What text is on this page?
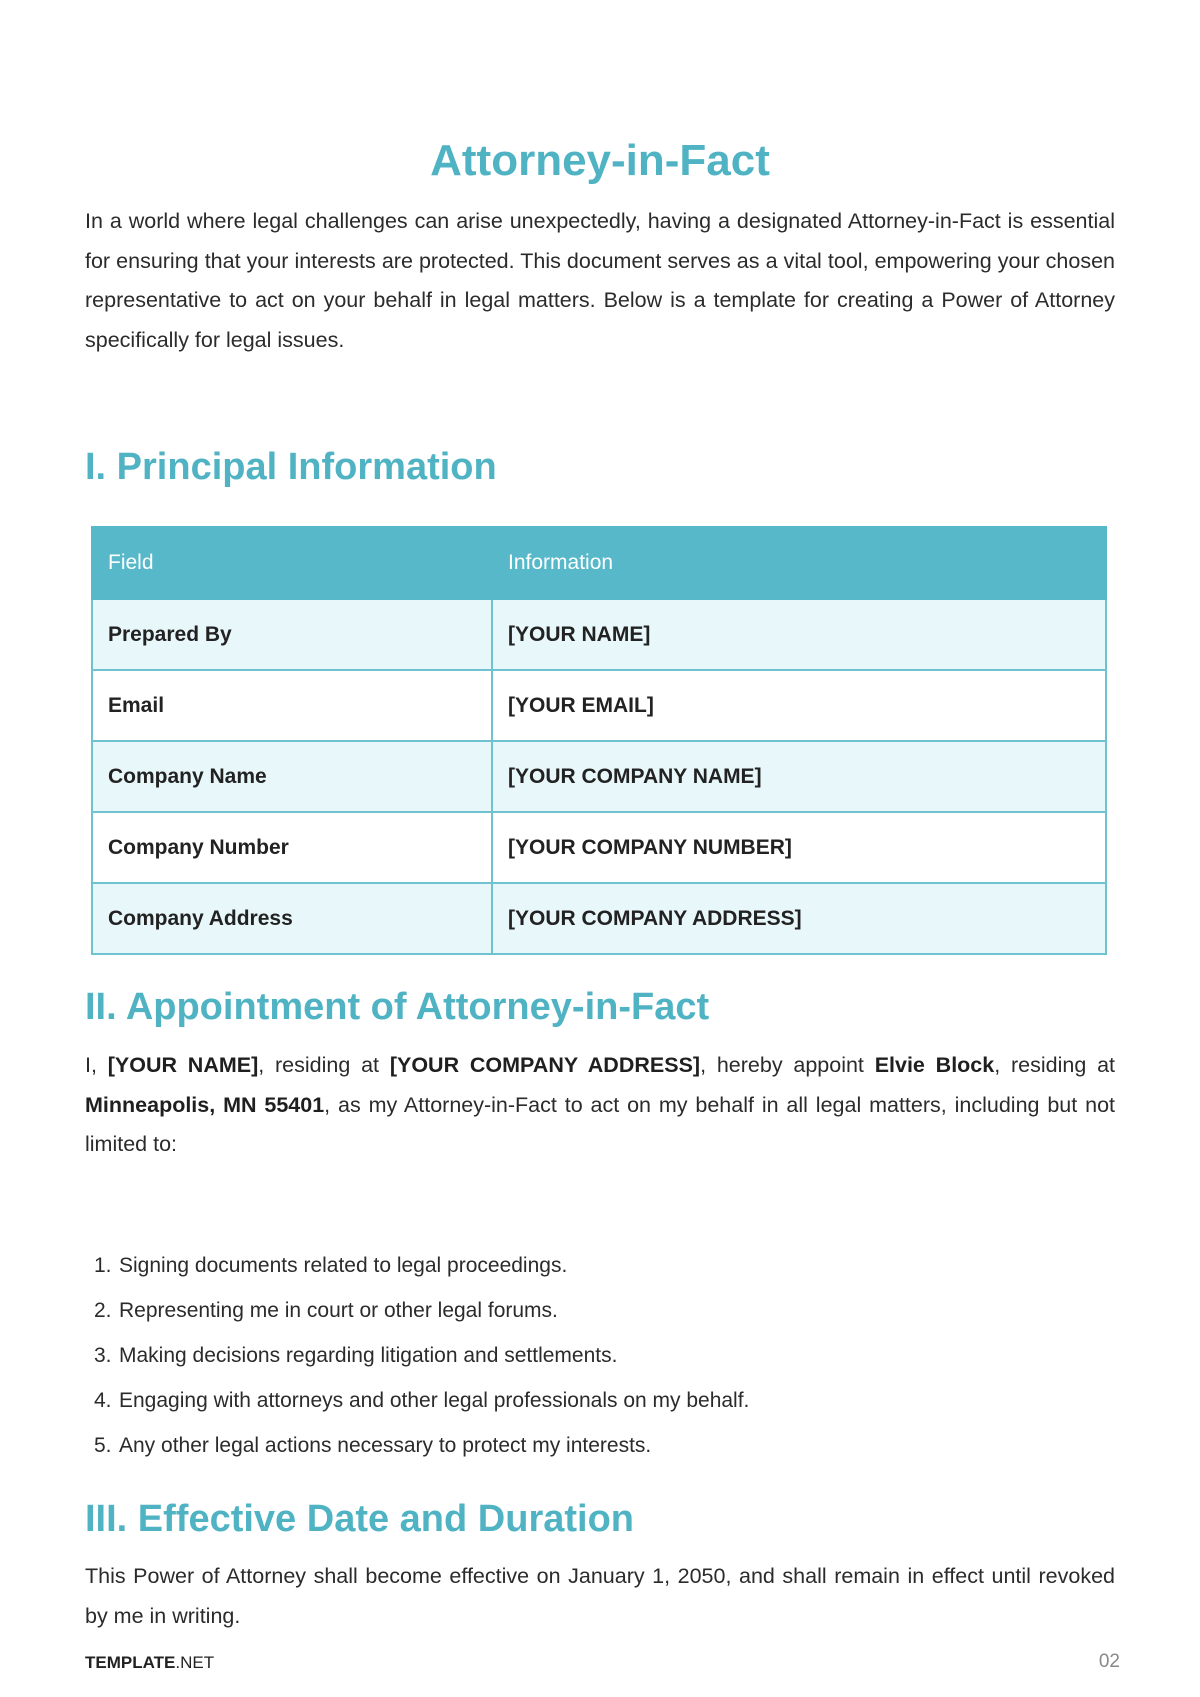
Attorney-in-Fact

In a world where legal challenges can arise unexpectedly, having a designated Attorney-in-Fact is essential for ensuring that your interests are protected. This document serves as a vital tool, empowering your chosen representative to act on your behalf in legal matters. Below is a template for creating a Power of Attorney specifically for legal issues.

I. Principal Information
Field	Information
Prepared By	[YOUR NAME]
Email	[YOUR EMAIL]
Company Name	[YOUR COMPANY NAME]
Company Number	[YOUR COMPANY NUMBER]
Company Address	[YOUR COMPANY ADDRESS]
II. Appointment of Attorney-in-Fact

I, [YOUR NAME], residing at [YOUR COMPANY ADDRESS], hereby appoint Elvie Block, residing at Minneapolis, MN 55401, as my Attorney-in-Fact to act on my behalf in all legal matters, including but not limited to:

1. Signing documents related to legal proceedings.
2. Representing me in court or other legal forums.
3. Making decisions regarding litigation and settlements.
4. Engaging with attorneys and other legal professionals on my behalf.
5. Any other legal actions necessary to protect my interests.
III. Effective Date and Duration

This Power of Attorney shall become effective on January 1, 2050, and shall remain in effect until revoked by me in writing.

TEMPLATE.NET	02
